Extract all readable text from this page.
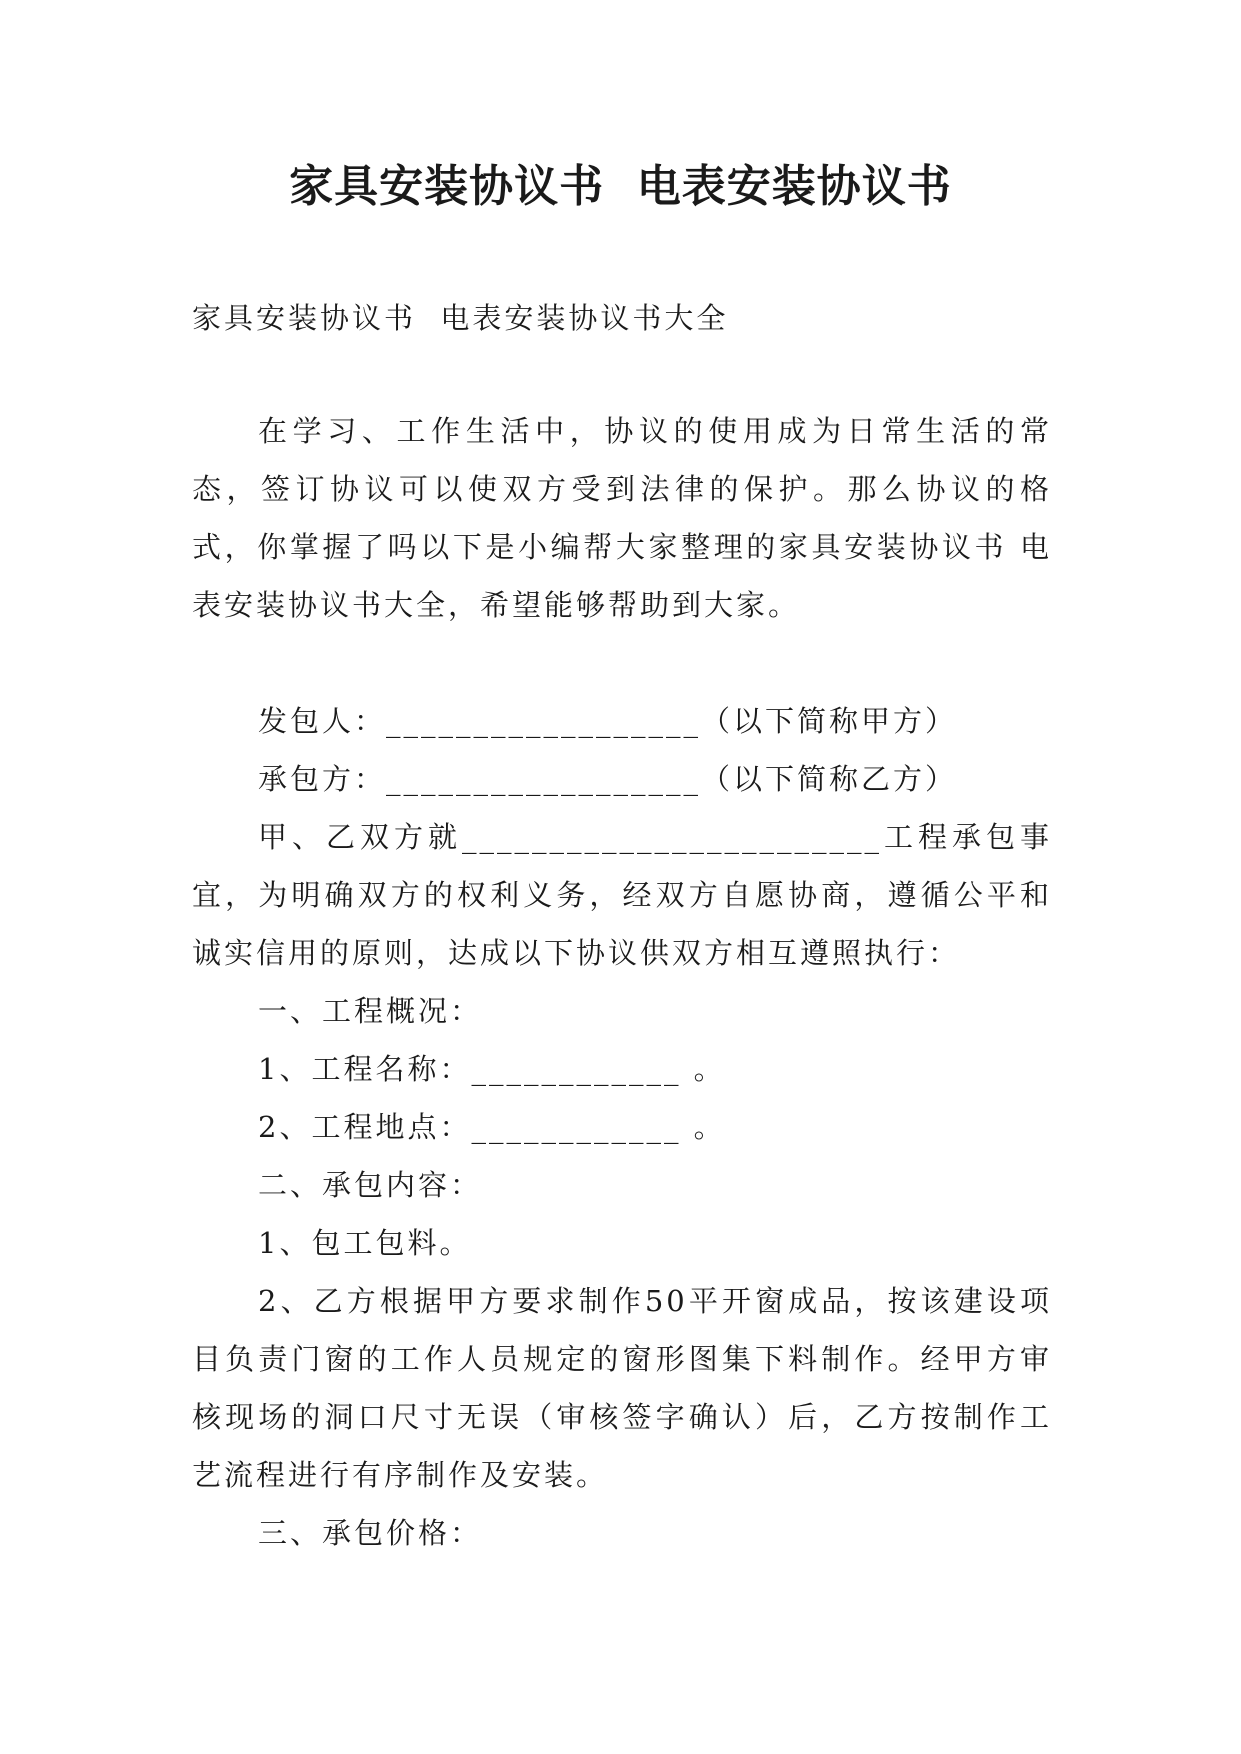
家具安装协议书  电表安装协议书
家具安装协议书  电表安装协议书大全

在学习、工作生活中，协议的使用成为日常生活的常态，签订协议可以使双方受到法律的保护。那么协议的格式，你掌握了吗以下是小编帮大家整理的家具安装协议书 电表安装协议书大全，希望能够帮助到大家。

发包人：__________________（以下简称甲方）

承包方：__________________（以下简称乙方）

甲、乙双方就________________________工程承包事宜，为明确双方的权利义务，经双方自愿协商，遵循公平和诚实信用的原则，达成以下协议供双方相互遵照执行：

一、工程概况：

1、工程名称：____________ 。

2、工程地点：____________ 。

二、承包内容：

1、包工包料。

2、乙方根据甲方要求制作50平开窗成品，按该建设项目负责门窗的工作人员规定的窗形图集下料制作。经甲方审核现场的洞口尺寸无误（审核签字确认）后，乙方按制作工艺流程进行有序制作及安装。

三、承包价格：
